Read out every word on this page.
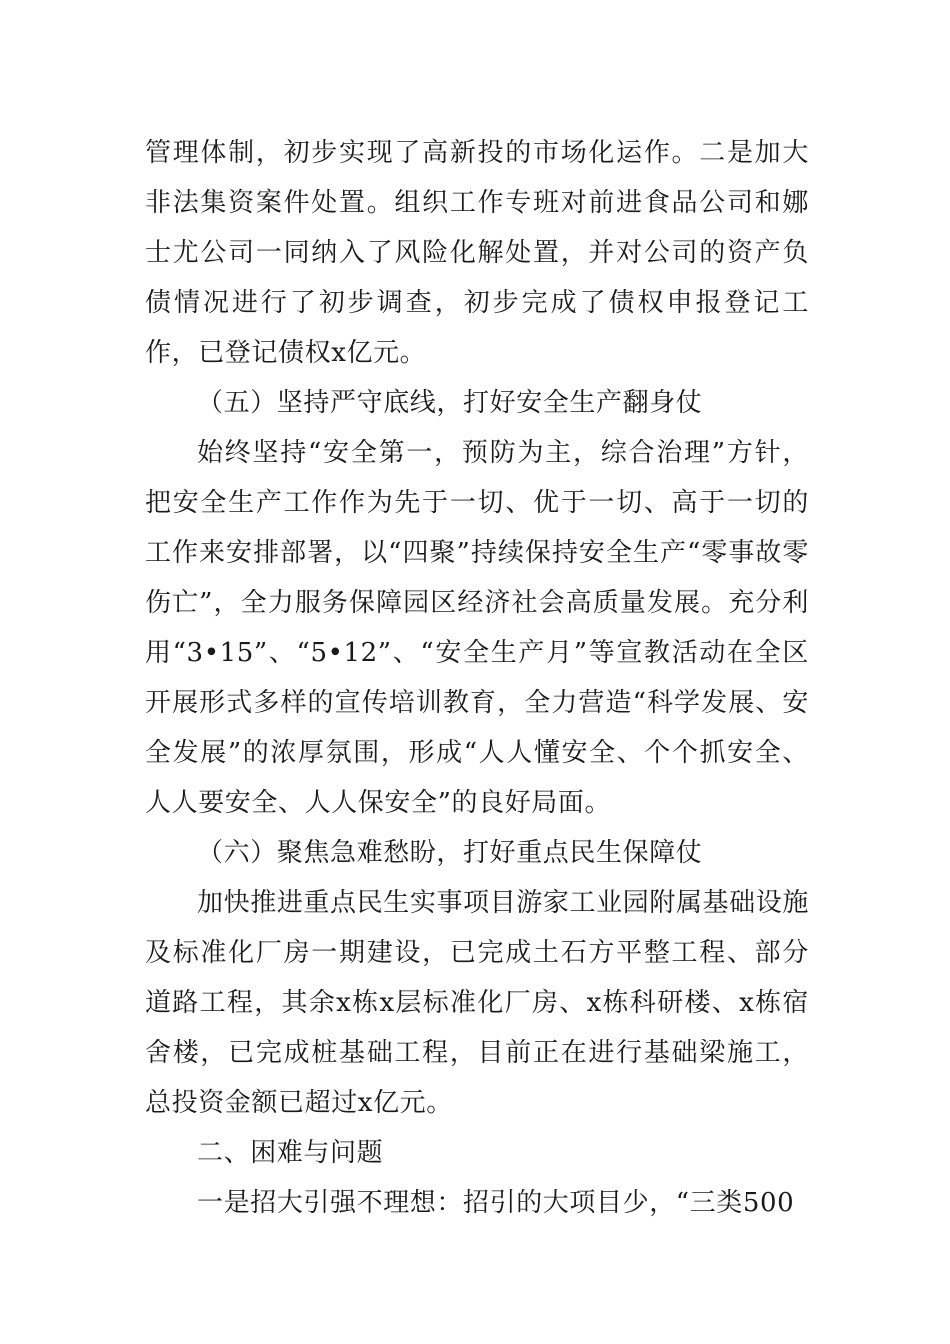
管理体制，初步实现了高新投的市场化运作。二是加大非法集资案件处置。组织工作专班对前进食品公司和娜士尤公司一同纳入了风险化解处置，并对公司的资产负债情况进行了初步调查，初步完成了债权申报登记工作，已登记债权x亿元。

（五）坚持严守底线，打好安全生产翻身仗

始终坚持“安全第一，预防为主，综合治理”方针，把安全生产工作作为先于一切、优于一切、高于一切的工作来安排部署，以“四聚”持续保持安全生产“零事故零伤亡”，全力服务保障园区经济社会高质量发展。充分利用“3•15”、“5•12”、“安全生产月”等宣教活动在全区开展形式多样的宣传培训教育，全力营造“科学发展、安全发展”的浓厚氛围，形成“人人懂安全、个个抓安全、人人要安全、人人保安全”的良好局面。

（六）聚焦急难愁盼，打好重点民生保障仗

加快推进重点民生实事项目游家工业园附属基础设施及标准化厂房一期建设，已完成土石方平整工程、部分道路工程，其余x栋x层标准化厂房、x栋科研楼、x栋宿舍楼，已完成桩基础工程，目前正在进行基础梁施工，总投资金额已超过x亿元。

二、困难与问题

一是招大引强不理想：招引的大项目少，“三类500
